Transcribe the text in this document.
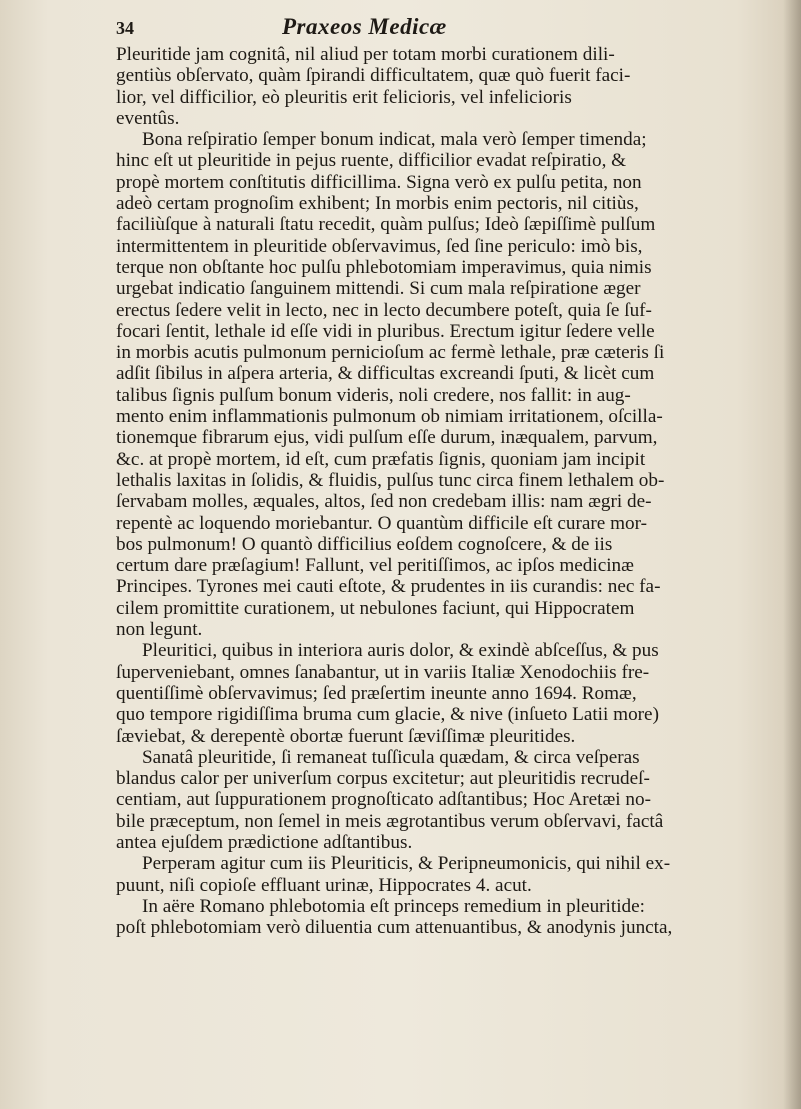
34	Praxeos Medicæ
Pleuritide jam cognitâ, nil aliud per totam morbi curationem dili-
gentiùs obſervato, quàm ſpirandi difficultatem, quæ quò fuerit faci-
lior, vel difficilior, eò pleuritis erit felicioris, vel infelicioris
eventûs.
Bona reſpiratio ſemper bonum indicat, mala verò ſemper timenda;
hinc eſt ut pleuritide in pejus ruente, difficilior evadat reſpiratio, &
propè mortem conſtitutis difficillima. Signa verò ex pulſu petita, non
adeò certam prognoſim exhibent; In morbis enim pectoris, nil citiùs,
faciliùſque à naturali ſtatu recedit, quàm pulſus; Ideò ſæpiſſimè pulſum
intermittentem in pleuritide obſervavimus, ſed ſine periculo: imò bis,
terque non obſtante hoc pulſu phlebotomiam imperavimus, quia nimis
urgebat indicatio ſanguinem mittendi. Si cum mala reſpiratione æger
erectus ſedere velit in lecto, nec in lecto decumbere poteſt, quia ſe ſuf-
focari ſentit, lethale id eſſe vidi in pluribus. Erectum igitur ſedere velle
in morbis acutis pulmonum pernicioſum ac fermè lethale, præ cæteris ſi
adſit ſibilus in aſpera arteria, & difficultas excreandi ſputi, & licèt cum
talibus ſignis pulſum bonum videris, noli credere, nos fallit: in aug-
mento enim inflammationis pulmonum ob nimiam irritationem, oſcilla-
tionemque fibrarum ejus, vidi pulſum eſſe durum, inæqualem, parvum,
&c. at propè mortem, id eſt, cum præfatis ſignis, quoniam jam incipit
lethalis laxitas in ſolidis, & fluidis, pulſus tunc circa finem lethalem ob-
ſervabam molles, æquales, altos, ſed non credebam illis: nam ægri de-
repentè ac loquendo moriebantur. O quantùm difficile eſt curare mor-
bos pulmonum! O quantò difficilius eoſdem cognoſcere, & de iis
certum dare præſagium! Fallunt, vel peritiſſimos, ac ipſos medicinæ
Principes. Tyrones mei cauti eſtote, & prudentes in iis curandis: nec fa-
cilem promittite curationem, ut nebulones faciunt, qui Hippocratem
non legunt.
Pleuritici, quibus in interiora auris dolor, & exindè abſceſſus, & pus
ſuperveniebant, omnes ſanabantur, ut in variis Italiæ Xenodochiis fre-
quentiſſimè obſervavimus; ſed præſertim ineunte anno 1694. Romæ,
quo tempore rigidiſſima bruma cum glacie, & nive (inſueto Latii more)
ſæviebat, & derepentè obortæ fuerunt ſæviſſimæ pleuritides.
Sanatâ pleuritide, ſi remaneat tuſſicula quædam, & circa veſperas
blandus calor per univerſum corpus excitetur; aut pleuritidis recrudeſ-
centiam, aut ſuppurationem prognoſticato adſtantibus; Hoc Aretæi no-
bile præceptum, non ſemel in meis ægrotantibus verum obſervavi, factâ
antea ejuſdem prædictione adſtantibus.
Perperam agitur cum iis Pleuriticis, & Peripneumonicis, qui nihil ex-
puunt, niſi copioſe effluant urinæ, Hippocrates 4. acut.
In aëre Romano phlebotomia eſt princeps remedium in pleuritide:
poſt phlebotomiam verò diluentia cum attenuantibus, & anodynis juncta,
